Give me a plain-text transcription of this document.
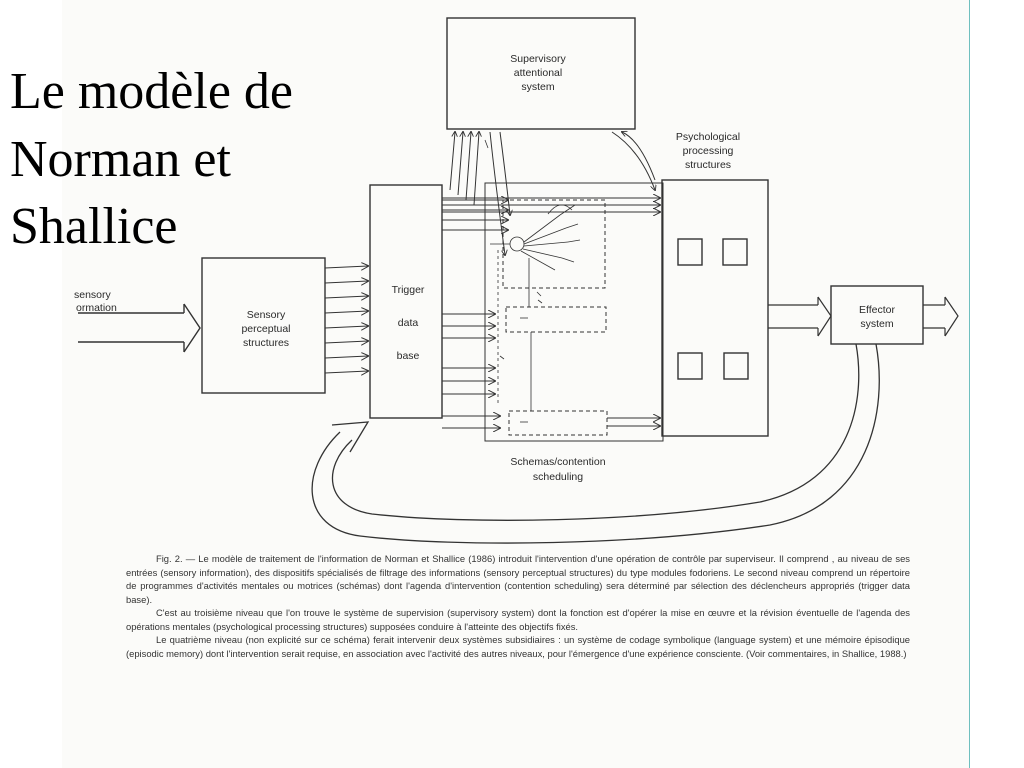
Supervisory
attentional
system
Psychological
processing
structures
sensory
ormation
Sensory
perceptual
structures
Trigger
data
base
Effector
system
Schemas/contention
scheduling
Le modèle de
Norman et
Shallice

Fig. 2. — Le modèle de traitement de l'information de Norman et Shallice (1986) introduit l'intervention d'une opération de contrôle par superviseur. Il comprend , au niveau de ses entrées (sensory information), des dispositifs spécialisés de filtrage des informations (sensory perceptual structures) du type modules fodoriens. Le second niveau comprend un répertoire de programmes d'activités mentales ou motrices (schémas) dont l'agenda d'intervention (contention scheduling) sera déterminé par sélection des déclencheurs appropriés (trigger data base).

C'est au troisième niveau que l'on trouve le système de supervision (supervisory system) dont la fonction est d'opérer la mise en œuvre et la révision éventuelle de l'agenda des opérations mentales (psychological processing structures) supposées conduire à l'atteinte des objectifs fixés.

Le quatrième niveau (non explicité sur ce schéma) ferait intervenir deux systèmes subsidiaires : un système de codage symbolique (language system) et une mémoire épisodique (episodic memory) dont l'intervention serait requise, en association avec l'activité des autres niveaux, pour l'émergence d'une expérience consciente. (Voir commentaires, in Shallice, 1988.)
